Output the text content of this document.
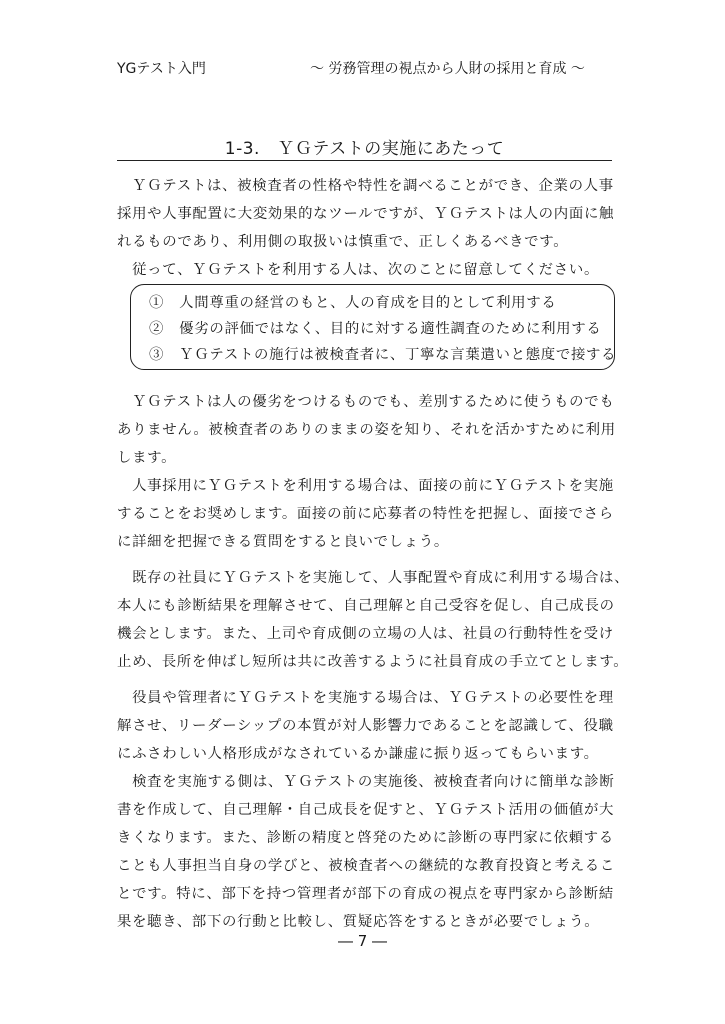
YGテスト入門	～ 労務管理の視点から人財の採用と育成 ～
1-3.　ＹＧテストの実施にあたって

　ＹＧテストは、被検査者の性格や特性を調べることができ、企業の人事
採用や人事配置に大変効果的なツールですが、ＹＧテストは人の内面に触
れるものであり、利用側の取扱いは慎重で、正しくあるべきです。
　従って、ＹＧテストを利用する人は、次のことに留意してください。

①　人間尊重の経営のもと、人の育成を目的として利用する
②　優劣の評価ではなく、目的に対する適性調査のために利用する
③　ＹＧテストの施行は被検査者に、丁寧な言葉遣いと態度で接する

　ＹＧテストは人の優劣をつけるものでも、差別するために使うものでも
ありません。被検査者のありのままの姿を知り、それを活かすために利用
します。
　人事採用にＹＧテストを利用する場合は、面接の前にＹＧテストを実施
することをお奨めします。面接の前に応募者の特性を把握し、面接でさら
に詳細を把握できる質問をすると良いでしょう。

　既存の社員にＹＧテストを実施して、人事配置や育成に利用する場合は、
本人にも診断結果を理解させて、自己理解と自己受容を促し、自己成長の
機会とします。また、上司や育成側の立場の人は、社員の行動特性を受け
止め、長所を伸ばし短所は共に改善するように社員育成の手立てとします。

　役員や管理者にＹＧテストを実施する場合は、ＹＧテストの必要性を理
解させ、リーダーシップの本質が対人影響力であることを認識して、役職
にふさわしい人格形成がなされているか謙虚に振り返ってもらいます。
　検査を実施する側は、ＹＧテストの実施後、被検査者向けに簡単な診断
書を作成して、自己理解・自己成長を促すと、ＹＧテスト活用の価値が大
きくなります。また、診断の精度と啓発のために診断の専門家に依頼する
ことも人事担当自身の学びと、被検査者への継続的な教育投資と考えるこ
とです。特に、部下を持つ管理者が部下の育成の視点を専門家から診断結
果を聴き、部下の行動と比較し、質疑応答をするときが必要でしょう。

― 7 ―
